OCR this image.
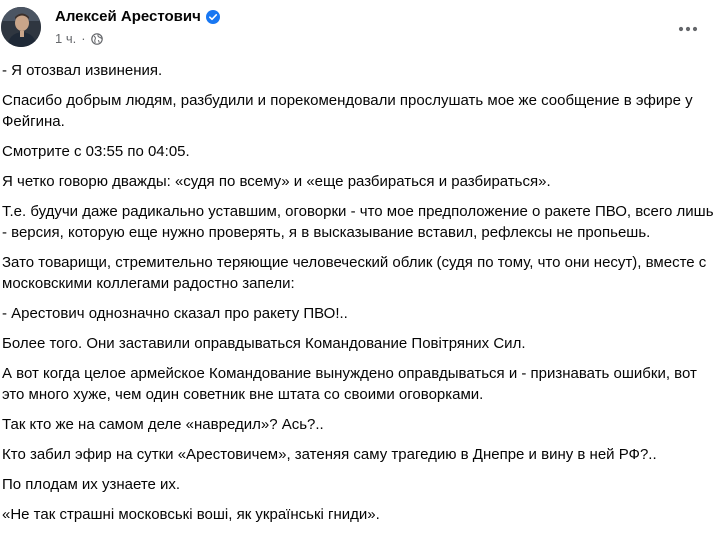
Алексей Арестович
1 ч. ·

- Я отозвал извинения.

Спасибо добрым людям, разбудили и порекомендовали прослушать мое же сообщение в эфире у Фейгина.

Смотрите с 03:55 по 04:05.

Я четко говорю дважды: «судя по всему» и «еще разбираться и разбираться».

Т.е. будучи даже радикально уставшим, оговорки - что мое предположение о ракете ПВО, всего лишь - версия, которую еще нужно проверять, я в высказывание вставил, рефлексы не пропьешь.

Зато товарищи, стремительно теряющие человеческий облик (судя по тому, что они несут), вместе с московскими коллегами радостно запели:

- Арестович однозначно сказал про ракету ПВО!..

Более того. Они заставили оправдываться Командование Повітряних Сил.

А вот когда целое армейское Командование вынуждено оправдываться и - признавать ошибки, вот это много хуже, чем один советник вне штата со своими оговорками.

Так кто же на самом деле «навредил»? Ась?..

Кто забил эфир на сутки «Арестовичем», затеняя саму трагедию в Днепре и вину в ней РФ?..

По плодам их узнаете их.

«Не так страшні московські воші, як українські гниди».
